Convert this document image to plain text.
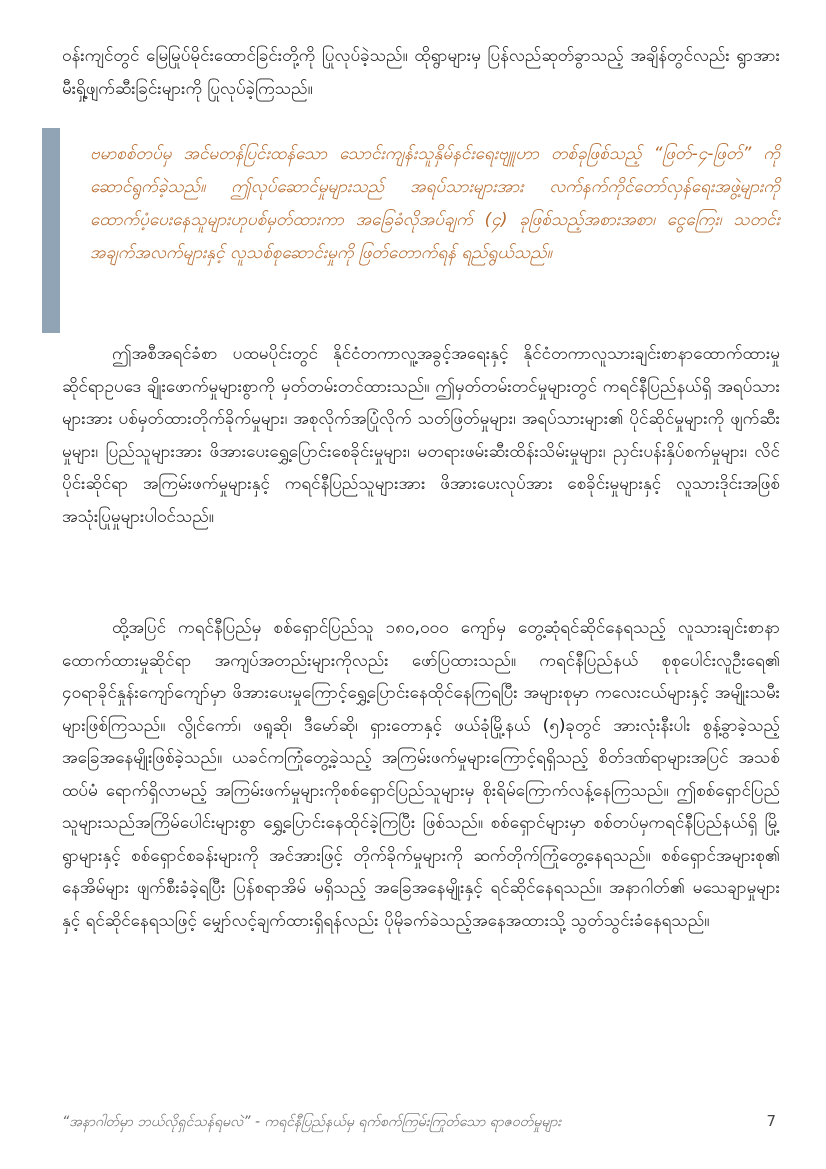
ဝန်းကျင်တွင် မြေမြုပ်မိုင်းထောင်ခြင်းတို့ကို ပြုလုပ်ခဲ့သည်။ ထိုရွာများမှ ပြန်လည်ဆုတ်ခွာသည့် အချိန်တွင်လည်း ရွာအားမီးရှို့ဖျက်ဆီးခြင်းများကို ပြုလုပ်ခဲ့ကြသည်။

ဗမာစစ်တပ်မှ အင်မတန်ပြင်းထန်သော သောင်းကျန်းသူနှိမ်နင်းရေးဗျူဟာ တစ်ခုဖြစ်သည့် “ဖြတ်-၄-ဖြတ်” ကို ဆောင်ရွက်ခဲ့သည်။ ဤလုပ်ဆောင်မှုများသည် အရပ်သားများအား လက်နက်ကိုင်တော်လှန်ရေးအဖွဲ့များကို ထောက်ပံ့ပေးနေသူများဟုပစ်မှတ်ထားကာ အခြေခံလိုအပ်ချက် (၄) ခုဖြစ်သည့်အစားအစာ၊ ငွေကြေး၊ သတင်းအချက်အလက်များနှင့် လူသစ်စုဆောင်းမှုကို ဖြတ်တောက်ရန် ရည်ရွယ်သည်။

ဤအစီအရင်ခံစာ ပထမပိုင်းတွင် နိုင်ငံတကာလူ့အခွင့်အရေးနှင့် နိုင်ငံတကာလူသားချင်းစာနာထောက်ထားမှု ဆိုင်ရာဥပဒေ ချိုးဖောက်မှုများစွာကို မှတ်တမ်းတင်ထားသည်။ ဤမှတ်တမ်းတင်မှုများတွင် ကရင်နီပြည်နယ်ရှိ အရပ်သားများအား ပစ်မှတ်ထားတိုက်ခိုက်မှုများ၊ အစုလိုက်အပြုံလိုက် သတ်ဖြတ်မှုများ၊ အရပ်သားများ၏ ပိုင်ဆိုင်မှုများကို ဖျက်ဆီးမှုများ၊ ပြည်သူများအား ဖိအားပေးရွှေ့ပြောင်းစေခိုင်းမှုများ၊ မတရားဖမ်းဆီးထိန်းသိမ်းမှုများ၊ ညှင်းပန်းနှိပ်စက်မှုများ၊ လိင်ပိုင်းဆိုင်ရာ အကြမ်းဖက်မှုများနှင့် ကရင်နီပြည်သူများအား ဖိအားပေးလုပ်အား စေခိုင်းမှုများနှင့် လူသားဒိုင်းအဖြစ် အသုံးပြုမှုများပါဝင်သည်။

ထို့အပြင် ကရင်နီပြည်မှ စစ်ရှောင်ပြည်သူ ၁၈၀,၀၀၀ ကျော်မှ တွေ့ဆုံရင်ဆိုင်နေရသည့် လူသားချင်းစာနာ ထောက်ထားမှုဆိုင်ရာ အကျပ်အတည်းများကိုလည်း ဖော်ပြထားသည်။ ကရင်နီပြည်နယ် စုစုပေါင်းလူဦးရေ၏ ၄၀ရာခိုင်နှုန်းကျော်ကျော်မှာ ဖိအားပေးမှုကြောင့်ရွှေ့ပြောင်းနေထိုင်နေကြရပြီး အများစုမှာ ကလေးငယ်များနှင့် အမျိုးသမီးများဖြစ်ကြသည်။ လွိုင်ကော်၊ ဖရူဆို၊ ဒီမော်ဆို၊ ရှားတောနှင့် ဖယ်ခုံမြို့နယ် (၅)ခုတွင် အားလုံးနီးပါး စွန့်ခွာခဲ့သည့် အခြေအနေမျိုးဖြစ်ခဲ့သည်။ ယခင်ကကြုံတွေ့ခဲ့သည့် အကြမ်းဖက်မှုများကြောင့်ရရှိသည့် စိတ်ဒဏ်ရာများအပြင် အသစ်ထပ်မံ ရောက်ရှိလာမည့် အကြမ်းဖက်မှုများကိုစစ်ရှောင်ပြည်သူများမှ စိုးရိမ်ကြောက်လန့်နေကြသည်။ ဤစစ်ရှောင်ပြည်သူများသည်အကြိမ်ပေါင်းများစွာ ရွှေ့ပြောင်းနေထိုင်ခဲ့ကြပြီး ဖြစ်သည်။ စစ်ရှောင်များမှာ စစ်တပ်မှကရင်နီပြည်နယ်ရှိ မြို့ရွာများနှင့် စစ်ရှောင်စခန်းများကို အင်အားဖြင့် တိုက်ခိုက်မှုများကို ဆက်တိုက်ကြုံတွေ့နေရသည်။ စစ်ရှောင်အများစု၏ နေအိမ်များ ဖျက်စီးခံခဲ့ရပြီး ပြန်စရာအိမ် မရှိသည့် အခြေအနေမျိုးနှင့် ရင်ဆိုင်နေရသည်။ အနာဂါတ်၏ မသေချာမှုများနှင့် ရင်ဆိုင်နေရသဖြင့် မျှော်လင့်ချက်ထားရှိရန်လည်း ပိုမိုခက်ခဲသည့်အနေအထားသို့ သွတ်သွင်းခံနေရသည်။

“အနာဂါတ်မှာ ဘယ်လိုရှင်သန်ရမလဲ” - ကရင်နီပြည်နယ်မှ ရက်စက်ကြမ်းကြုတ်သော ရာဇဝတ်မှုများ	7
